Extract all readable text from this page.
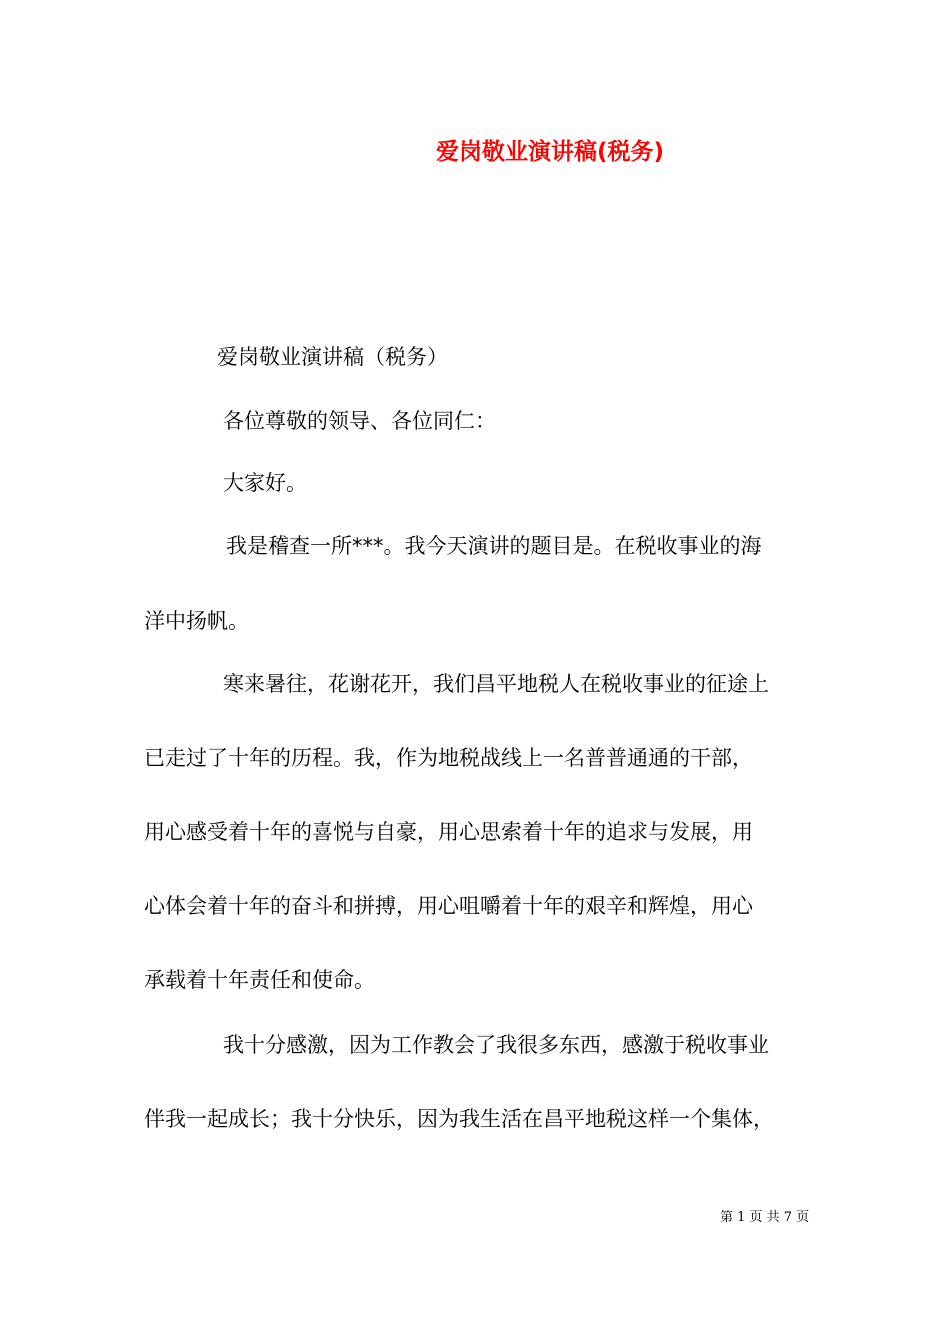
爱岗敬业演讲稿(税务)
爱岗敬业演讲稿（税务）
各位尊敬的领导、各位同仁：
大家好。
我是稽查一所***。我今天演讲的题目是。在税收事业的海
洋中扬帆。
寒来暑往，花谢花开，我们昌平地税人在税收事业的征途上
已走过了十年的历程。我，作为地税战线上一名普普通通的干部，
用心感受着十年的喜悦与自豪，用心思索着十年的追求与发展，用
心体会着十年的奋斗和拼搏，用心咀嚼着十年的艰辛和辉煌，用心
承载着十年责任和使命。
我十分感激，因为工作教会了我很多东西，感激于税收事业
伴我一起成长；我十分快乐，因为我生活在昌平地税这样一个集体，
第 1 页 共 7 页
